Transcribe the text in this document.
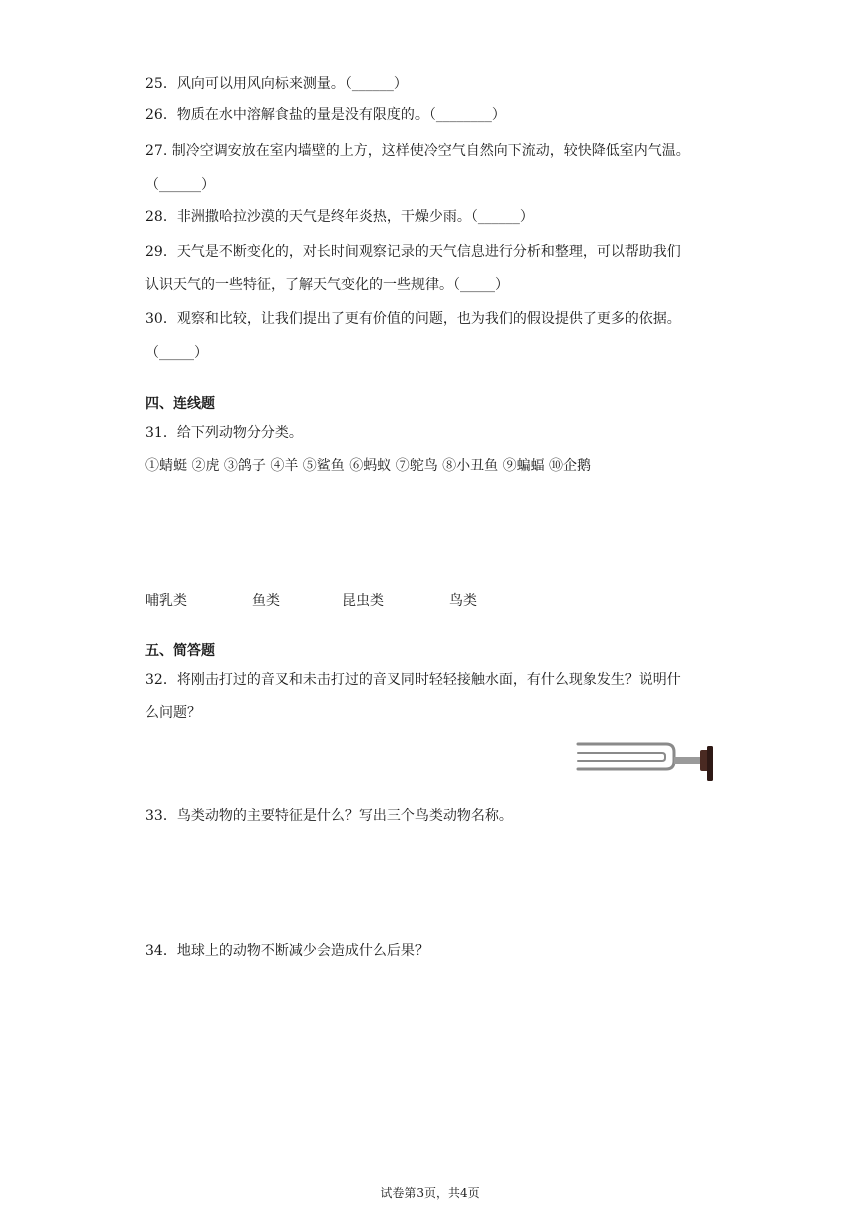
25．风向可以用风向标来测量。（______）
26．物质在水中溶解食盐的量是没有限度的。（________）
27. 制冷空调安放在室内墙壁的上方，这样使冷空气自然向下流动，较快降低室内气温。
（______）
28．非洲撒哈拉沙漠的天气是终年炎热，干燥少雨。（______）
29．天气是不断变化的，对长时间观察记录的天气信息进行分析和整理，可以帮助我们
认识天气的一些特征，了解天气变化的一些规律。（_____）
30．观察和比较，让我们提出了更有价值的问题，也为我们的假设提供了更多的依据。
（_____）
四、连线题
31．给下列动物分分类。
①蜻蜓 ②虎 ③鸽子 ④羊 ⑤鲨鱼 ⑥蚂蚁 ⑦鸵鸟 ⑧小丑鱼 ⑨蝙蝠 ⑩企鹅
哺乳类	鱼类	昆虫类	鸟类
五、简答题
32．将刚击打过的音叉和未击打过的音叉同时轻轻接触水面，有什么现象发生？说明什
么问题？
33．鸟类动物的主要特征是什么？写出三个鸟类动物名称。
34．地球上的动物不断减少会造成什么后果？
试卷第3页，共4页
